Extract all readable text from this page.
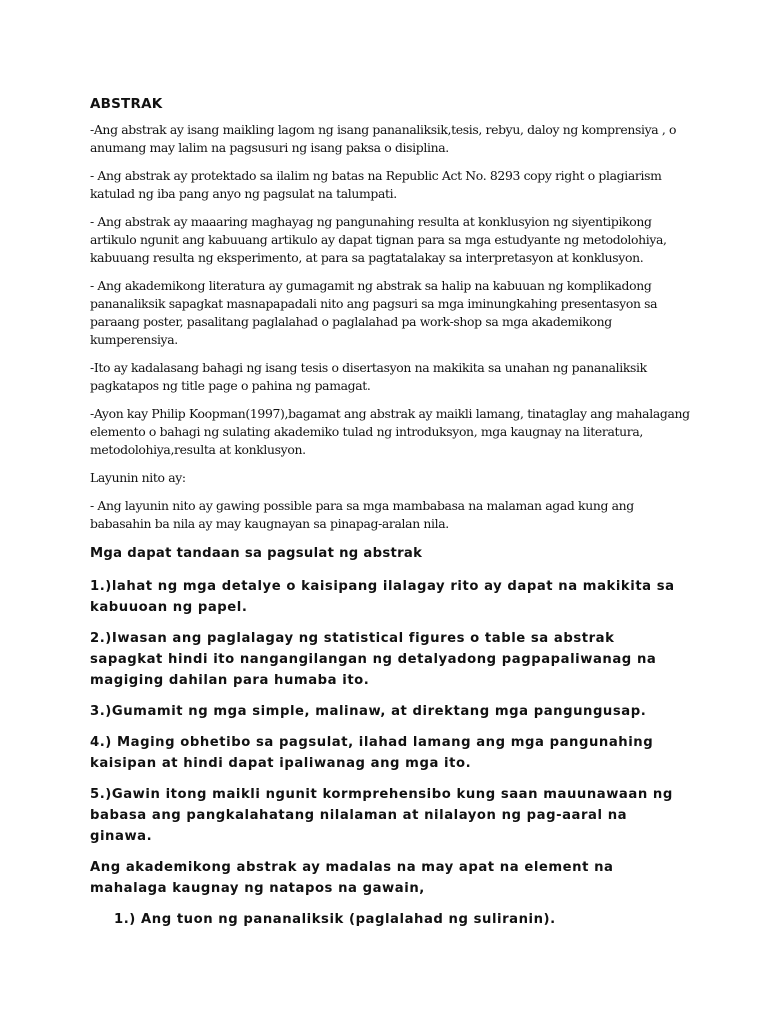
ABSTRAK

-Ang abstrak ay isang maikling lagom ng isang pananaliksik,tesis, rebyu, daloy ng komprensiya , o anumang may lalim na pagsusuri ng isang paksa o disiplina.

- Ang abstrak ay protektado sa ilalim ng batas na Republic Act No. 8293 copy right o plagiarism katulad ng iba pang anyo ng pagsulat na talumpati.

- Ang abstrak ay maaaring maghayag ng pangunahing resulta at konklusyion ng siyentipikong artikulo ngunit ang kabuuang artikulo ay dapat tignan para sa mga estudyante ng metodolohiya, kabuuang resulta ng eksperimento, at para sa pagtatalakay sa interpretasyon at konklusyon.

- Ang akademikong literatura ay gumagamit ng abstrak sa halip na kabuuan ng komplikadong pananaliksik sapagkat masnapapadali nito ang pagsuri sa mga iminungkahing presentasyon sa paraang poster, pasalitang paglalahad o paglalahad pa work-shop sa mga akademikong kumperensiya.

-Ito ay kadalasang bahagi ng isang tesis o disertasyon na makikita sa unahan ng pananaliksik pagkatapos ng title page o pahina ng pamagat.

-Ayon kay Philip Koopman(1997),bagamat ang abstrak ay maikli lamang, tinataglay ang mahalagang elemento o bahagi ng sulating akademiko tulad ng introduksyon, mga kaugnay na literatura, metodolohiya,resulta at konklusyon.

Layunin nito ay:

- Ang layunin nito ay gawing possible para sa mga mambabasa na malaman agad kung ang babasahin ba nila ay may kaugnayan sa pinapag-aralan nila.

Mga dapat tandaan sa pagsulat ng abstrak

1.)lahat ng mga detalye o kaisipang ilalagay rito ay dapat na makikita sa kabuuoan ng papel.

2.)Iwasan ang paglalagay ng statistical figures o table sa abstrak sapagkat hindi ito nangangilangan ng detalyadong pagpapaliwanag na magiging dahilan para humaba ito.

3.)Gumamit ng mga simple, malinaw, at direktang mga pangungusap.

4.) Maging obhetibo sa pagsulat, ilahad lamang ang mga pangunahing kaisipan at hindi dapat ipaliwanag ang mga ito.

5.)Gawin itong maikli ngunit kormprehensibo kung saan mauunawaan ng babasa ang pangkalahatang nilalaman at nilalayon ng pag-aaral na ginawa.

Ang akademikong abstrak ay madalas na may apat na element na mahalaga kaugnay ng natapos na gawain,

1.) Ang tuon ng pananaliksik (paglalahad ng suliranin).
